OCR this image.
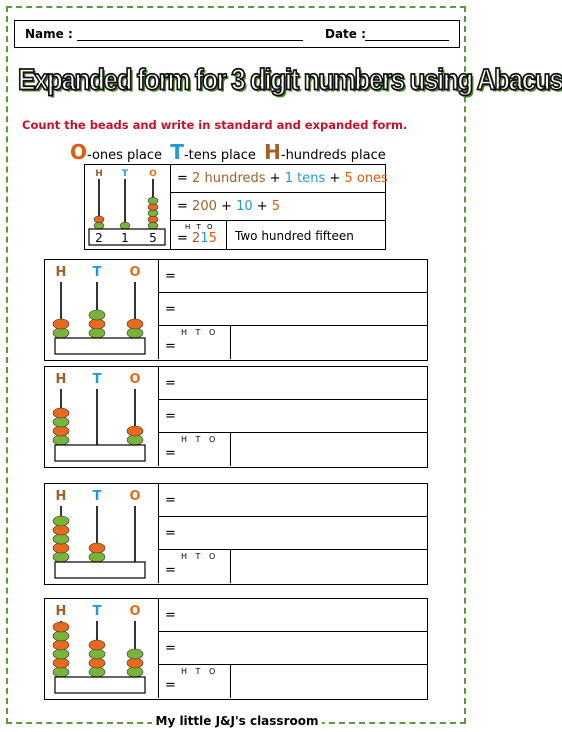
Name :	Date :
Expanded form for 3 digit numbers using Abacus
Count the beads and write in standard and expanded form.
O-ones place T-tens place H-hundreds place
H T O
2 1 5
= 2 hundreds + 1 tens + 5 ones
= 200 + 10 + 5
H T O
= 215 Two hundred fifteen
H T O =
=
H T O
=
H T O =
=
H T O
=
H T O =
=
H T O
=
H T O =
=
H T O
=
My little J&J's classroom
